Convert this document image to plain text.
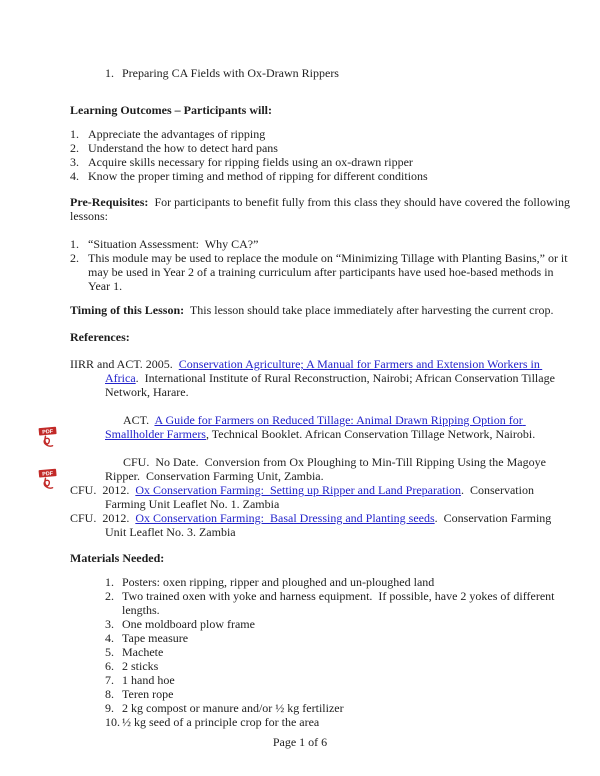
1. Preparing CA Fields with Ox-Drawn Rippers
Learning Outcomes – Participants will:
Appreciate the advantages of ripping
Understand the how to detect hard pans
Acquire skills necessary for ripping fields using an ox-drawn ripper
Know the proper timing and method of ripping for different conditions
Pre-Requisites:  For participants to benefit fully from this class they should have covered the following lessons:
“Situation Assessment:  Why CA?”
This module may be used to replace the module on “Minimizing Tillage with Planting Basins,” or it may be used in Year 2 of a training curriculum after participants have used hoe-based methods in Year 1.
Timing of this Lesson:  This lesson should take place immediately after harvesting the current crop.
References:
IIRR and ACT. 2005.  Conservation Agriculture; A Manual for Farmers and Extension Workers in Africa.  International Institute of Rural Reconstruction, Nairobi; African Conservation Tillage Network, Harare.

PDF

ACT.  A Guide for Farmers on Reduced Tillage: Animal Drawn Ripping Option for Smallholder Farmers, Technical Booklet. African Conservation Tillage Network, Nairobi.

PDF

CFU.  No Date.  Conversion from Ox Ploughing to Min-Till Ripping Using the Magoye Ripper.  Conservation Farming Unit, Zambia.
CFU.  2012.  Ox Conservation Farming:  Setting up Ripper and Land Preparation.  Conservation Farming Unit Leaflet No. 1. Zambia
CFU.  2012.  Ox Conservation Farming:  Basal Dressing and Planting seeds.  Conservation Farming Unit Leaflet No. 3. Zambia
Materials Needed:
Posters: oxen ripping, ripper and ploughed and un-ploughed land
Two trained oxen with yoke and harness equipment.  If possible, have 2 yokes of different lengths.
One moldboard plow frame
Tape measure
Machete
2 sticks
1 hand hoe
Teren rope
2 kg compost or manure and/or ½ kg fertilizer
½ kg seed of a principle crop for the area
Page 1 of 6
